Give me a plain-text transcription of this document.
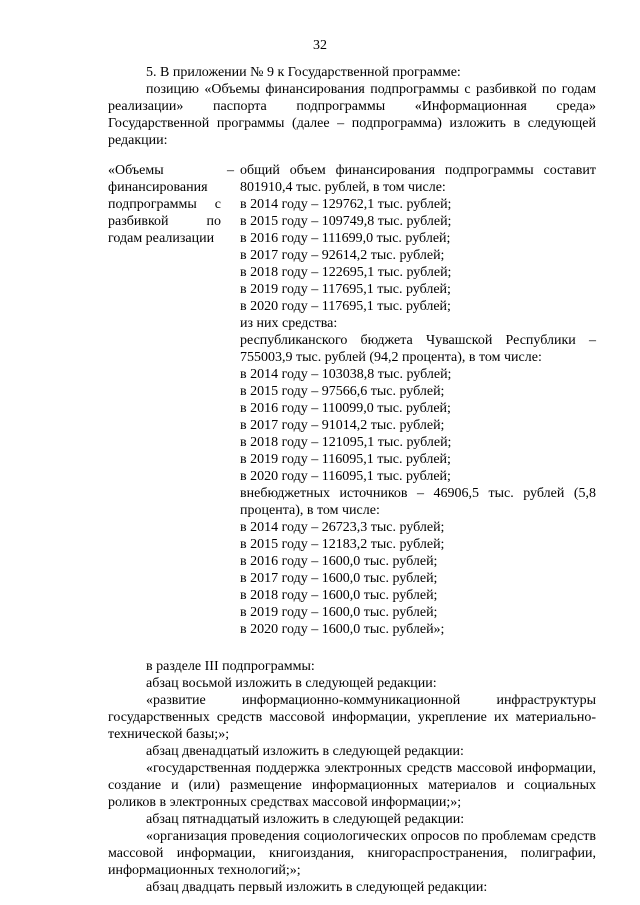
32

5. В приложении № 9 к Государственной программе:

позицию «Объемы финансирования подпрограммы с разбивкой по годам реализации» паспорта подпрограммы «Информационная среда» Государственной программы (далее – подпрограмма) изложить в следующей редакции:

«Объемы финансирования подпрограммы с разбивкой по годам реализации
– общий объем финансирования подпрограммы составит 801910,4 тыс. рублей, в том числе:

в 2014 году – 129762,1 тыс. рублей;

в 2015 году – 109749,8 тыс. рублей;

в 2016 году – 111699,0 тыс. рублей;

в 2017 году – 92614,2 тыс. рублей;

в 2018 году – 122695,1 тыс. рублей;

в 2019 году – 117695,1 тыс. рублей;

в 2020 году – 117695,1 тыс. рублей;

из них средства:

республиканского бюджета Чувашской Республики – 755003,9 тыс. рублей (94,2 процента), в том числе:

в 2014 году – 103038,8 тыс. рублей;

в 2015 году – 97566,6 тыс. рублей;

в 2016 году – 110099,0 тыс. рублей;

в 2017 году – 91014,2 тыс. рублей;

в 2018 году – 121095,1 тыс. рублей;

в 2019 году – 116095,1 тыс. рублей;

в 2020 году – 116095,1 тыс. рублей;

внебюджетных источников – 46906,5 тыс. рублей (5,8 процента), в том числе:

в 2014 году – 26723,3 тыс. рублей;

в 2015 году – 12183,2 тыс. рублей;

в 2016 году – 1600,0 тыс. рублей;

в 2017 году – 1600,0 тыс. рублей;

в 2018 году – 1600,0 тыс. рублей;

в 2019 году – 1600,0 тыс. рублей;

в 2020 году – 1600,0 тыс. рублей»;

в разделе III подпрограммы:

абзац восьмой изложить в следующей редакции:

«развитие информационно-коммуникационной инфраструктуры государственных средств массовой информации, укрепление их материально-технической базы;»;

абзац двенадцатый изложить в следующей редакции:

«государственная поддержка электронных средств массовой информации, создание и (или) размещение информационных материалов и социальных роликов в электронных средствах массовой информации;»;

абзац пятнадцатый изложить в следующей редакции:

«организация проведения социологических опросов по проблемам средств массовой информации, книгоиздания, книгораспространения, полиграфии, информационных технологий;»;

абзац двадцать первый изложить в следующей редакции:
